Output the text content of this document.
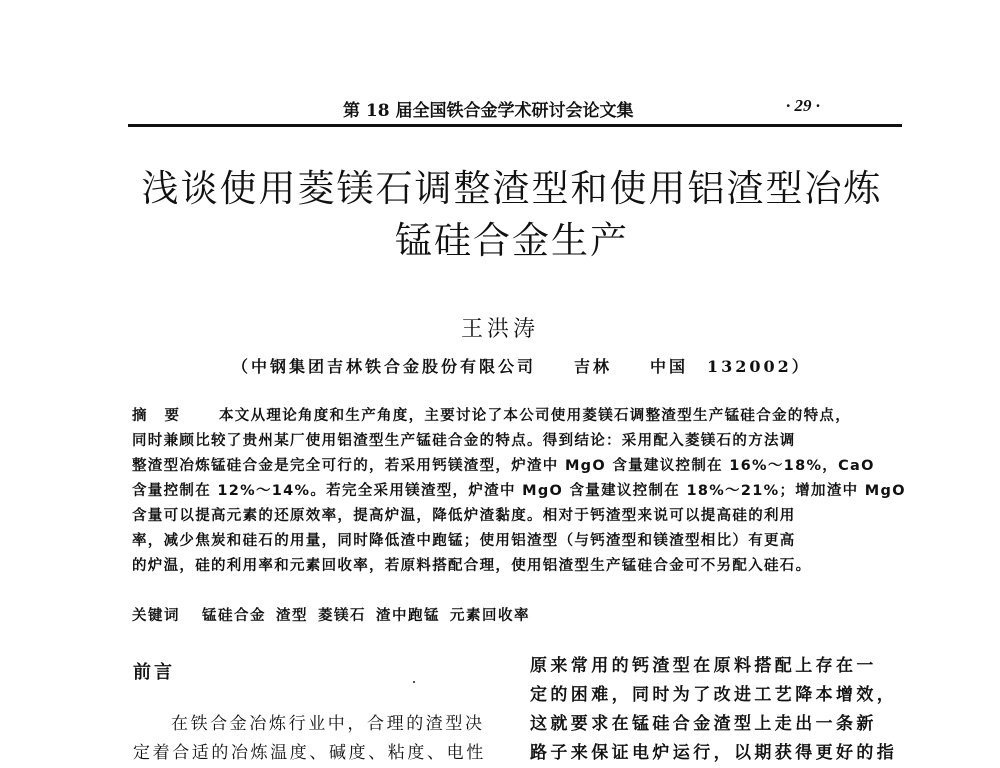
第 18 届全国铁合金学术研讨会论文集	· 29 ·
浅谈使用菱镁石调整渣型和使用铝渣型冶炼
锰硅合金生产
王洪涛
（中钢集团吉林铁合金股份有限公司　　吉林　　中国　132002）
摘要 本文从理论角度和生产角度，主要讨论了本公司使用菱镁石调整渣型生产锰硅合金的特点，
同时兼顾比较了贵州某厂使用铝渣型生产锰硅合金的特点。得到结论：采用配入菱镁石的方法调
整渣型冶炼锰硅合金是完全可行的，若采用钙镁渣型，炉渣中 MgO 含量建议控制在 16%～18%，CaO
含量控制在 12%～14%。若完全采用镁渣型，炉渣中 MgO 含量建议控制在 18%～21%；增加渣中 MgO
含量可以提高元素的还原效率，提高炉温，降低炉渣黏度。相对于钙渣型来说可以提高硅的利用
率，减少焦炭和硅石的用量，同时降低渣中跑锰；使用铝渣型（与钙渣型和镁渣型相比）有更高
的炉温，硅的利用率和元素回收率，若原料搭配合理，使用铝渣型生产锰硅合金可不另配入硅石。
关键词 锰硅合金 渣型 菱镁石 渣中跑锰 元素回收率
前言

在铁合金冶炼行业中，合理的渣型决

定着合适的冶炼温度、碱度、粘度、电性
原来常用的钙渣型在原料搭配上存在一
定的困难，同时为了改进工艺降本增效，
这就要求在锰硅合金渣型上走出一条新
路子来保证电炉运行，以期获得更好的指
